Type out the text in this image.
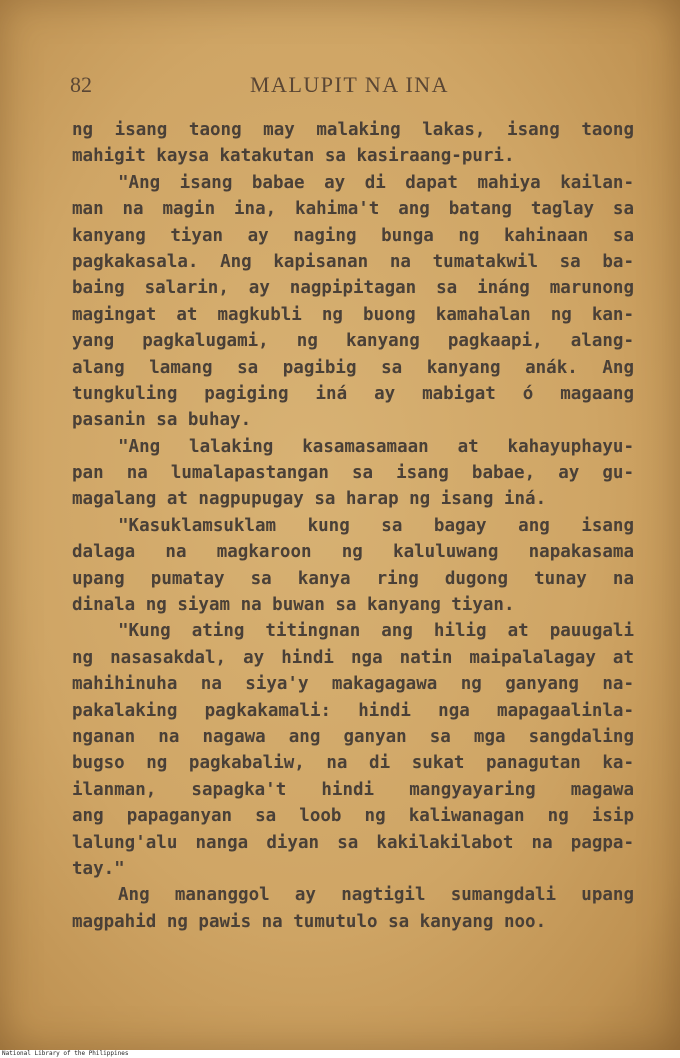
82	MALUPIT NA INA
ng isang taong may malaking lakas, isang taong
mahigit kaysa katakutan sa kasiraang-puri.
"Ang isang babae ay di dapat mahiya kailan-
man na magin ina, kahima't ang batang taglay sa
kanyang tiyan ay naging bunga ng kahinaan sa
pagkakasala. Ang kapisanan na tumatakwil sa ba-
baing salarin, ay nagpipitagan sa ináng marunong
magingat at magkubli ng buong kamahalan ng kan-
yang pagkalugami, ng kanyang pagkaapi, alang-
alang lamang sa pagibig sa kanyang anák. Ang
tungkuling pagiging iná ay mabigat ó magaang
pasanin sa buhay.
"Ang lalaking kasamasamaan at kahayuphayu-
pan na lumalapastangan sa isang babae, ay gu-
magalang at nagpupugay sa harap ng isang iná.
"Kasuklamsuklam kung sa bagay ang isang
dalaga na magkaroon ng kaluluwang napakasama
upang pumatay sa kanya ring dugong tunay na
dinala ng siyam na buwan sa kanyang tiyan.
"Kung ating titingnan ang hilig at pauugali
ng nasasakdal, ay hindi nga natin maipalalagay at
mahihinuha na siya'y makagagawa ng ganyang na-
pakalaking pagkakamali: hindi nga mapagaalinla-
nganan na nagawa ang ganyan sa mga sangdaling
bugso ng pagkabaliw, na di sukat panagutan ka-
ilanman, sapagka't hindi mangyayaring magawa
ang papaganyan sa loob ng kaliwanagan ng isip
lalung'alu nanga diyan sa kakilakilabot na pagpa-
tay."
Ang mananggol ay nagtigil sumangdali upang
magpahid ng pawis na tumutulo sa kanyang noo.
National Library of the Philippines
